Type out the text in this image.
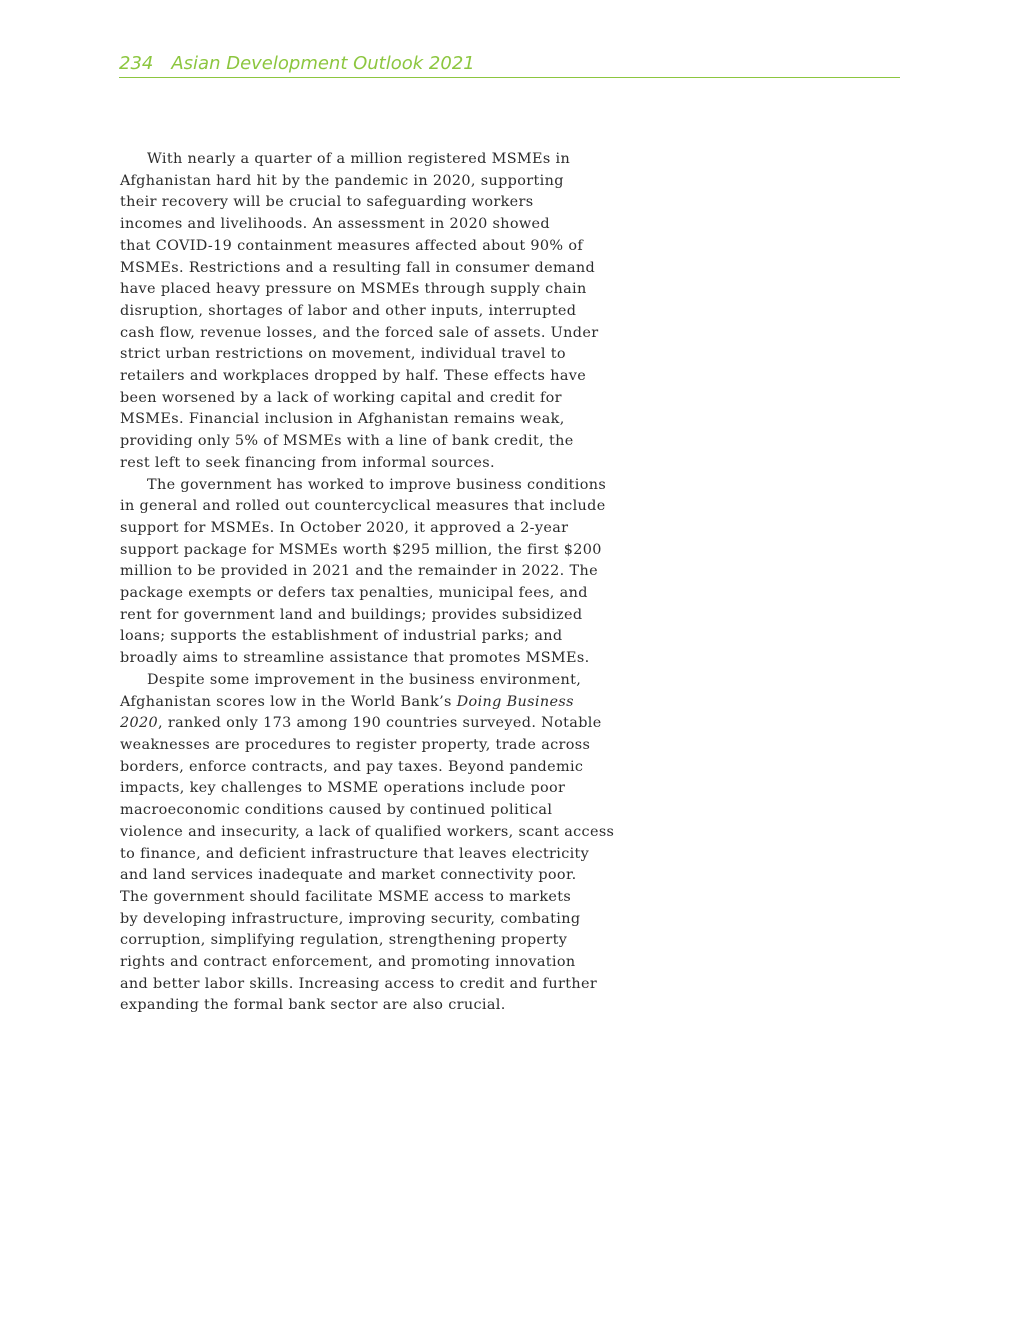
234 Asian Development Outlook 2021
With nearly a quarter of a million registered MSMEs in
Afghanistan hard hit by the pandemic in 2020, supporting
their recovery will be crucial to safeguarding workers
incomes and livelihoods. An assessment in 2020 showed
that COVID-19 containment measures affected about 90% of
MSMEs. Restrictions and a resulting fall in consumer demand
have placed heavy pressure on MSMEs through supply chain
disruption, shortages of labor and other inputs, interrupted
cash flow, revenue losses, and the forced sale of assets. Under
strict urban restrictions on movement, individual travel to
retailers and workplaces dropped by half. These effects have
been worsened by a lack of working capital and credit for
MSMEs. Financial inclusion in Afghanistan remains weak,
providing only 5% of MSMEs with a line of bank credit, the
rest left to seek financing from informal sources.
The government has worked to improve business conditions
in general and rolled out countercyclical measures that include
support for MSMEs. In October 2020, it approved a 2-year
support package for MSMEs worth $295 million, the first $200
million to be provided in 2021 and the remainder in 2022. The
package exempts or defers tax penalties, municipal fees, and
rent for government land and buildings; provides subsidized
loans; supports the establishment of industrial parks; and
broadly aims to streamline assistance that promotes MSMEs.
Despite some improvement in the business environment,
Afghanistan scores low in the World Bank’s Doing Business
2020, ranked only 173 among 190 countries surveyed. Notable
weaknesses are procedures to register property, trade across
borders, enforce contracts, and pay taxes. Beyond pandemic
impacts, key challenges to MSME operations include poor
macroeconomic conditions caused by continued political
violence and insecurity, a lack of qualified workers, scant access
to finance, and deficient infrastructure that leaves electricity
and land services inadequate and market connectivity poor.
The government should facilitate MSME access to markets
by developing infrastructure, improving security, combating
corruption, simplifying regulation, strengthening property
rights and contract enforcement, and promoting innovation
and better labor skills. Increasing access to credit and further
expanding the formal bank sector are also crucial.
